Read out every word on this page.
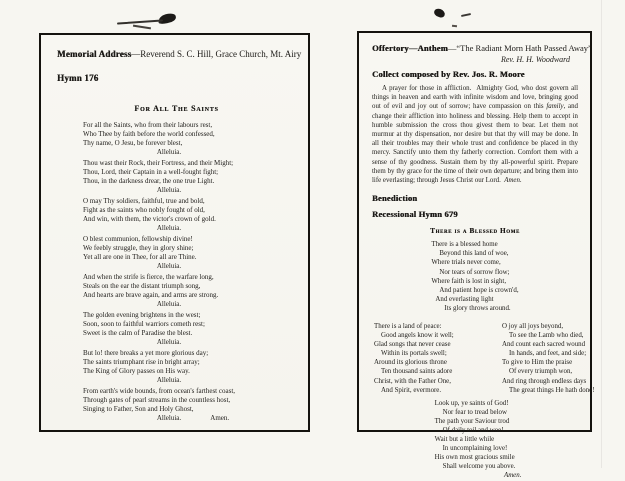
Memorial Address—Reverend S. C. Hill, Grace Church, Mt. Airy

Hymn 176

For All The Saints

For all the Saints, who from their labours rest,
Who Thee by faith before the world confessed,
Thy name, O Jesu, be forever blest,
Alleluia.
Thou wast their Rock, their Fortress, and their Might;
Thou, Lord, their Captain in a well-fought fight;
Thou, in the darkness drear, the one true Light.
Alleluia.
O may Thy soldiers, faithful, true and bold,
Fight as the saints who nobly fought of old,
And win, with them, the victor's crown of gold.
Alleluia.
O blest communion, fellowship divine!
We feebly struggle, they in glory shine;
Yet all are one in Thee, for all are Thine.
Alleluia.
And when the strife is fierce, the warfare long,
Steals on the ear the distant triumph song,
And hearts are brave again, and arms are strong.
Alleluia.
The golden evening brightens in the west;
Soon, soon to faithful warriors cometh rest;
Sweet is the calm of Paradise the blest.
Alleluia.
But lo! there breaks a yet more glorious day;
The saints triumphant rise in bright array;
The King of Glory passes on His way.
Alleluia.
From earth's wide bounds, from ocean's farthest coast,
Through gates of pearl streams in the countless host,
Singing to Father, Son and Holy Ghost,
Alleluia.	Amen.

Offertory—Anthem—“The Radiant Morn Hath Passed Away”

Rev. H. H. Woodward

Collect composed by Rev. Jos. R. Moore

A prayer for those in affliction. Almighty God, who dost govern all things in heaven and earth with infinite wisdom and love, bringing good out of evil and joy out of sorrow; have compassion on this family, and change their affliction into holiness and blessing. Help them to accept in humble submission the cross thou givest them to bear. Let them not murmur at thy dispensation, nor desire but that thy will may be done. In all their troubles may their whole trust and confidence be placed in thy mercy. Sanctify unto them thy fatherly correction. Comfort them with a sense of thy goodness. Sustain them by thy all-powerful spirit. Prepare them by thy grace for the time of their own departure; and bring them into life everlasting; through Jesus Christ our Lord. Amen.

Benediction

Recessional Hymn 679

There is a Blessed Home

There is a blessed home
Beyond this land of woe,
Where trials never come,
Nor tears of sorrow flow;
Where faith is lost in sight,
And patient hope is crown'd,
And everlasting light
Its glory throws around.
There is a land of peace:
Good angels know it well;
Glad songs that never cease
Within its portals swell;
Around its glorious throne
Ten thousand saints adore
Christ, with the Father One,
And Spirit, evermore.
O joy all joys beyond,
To see the Lamb who died,
And count each sacred wound
In hands, and feet, and side;
To give to Him the praise
Of every triumph won,
And ring through endless days
The great things He hath done!
Look up, ye saints of God!
Nor fear to tread below
The path your Saviour trod
Of daily toil and woe!
Wait but a little while
In uncomplaining love!
His own most gracious smile
Shall welcome you above.

Amen.
